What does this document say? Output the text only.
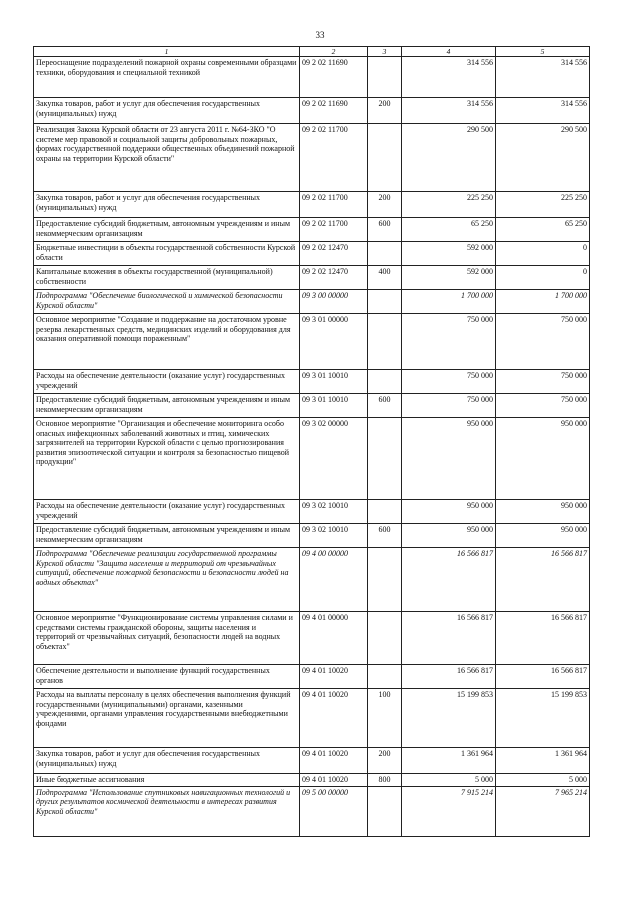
33
1	2	3	4	5
Переоснащение подразделений пожарной охраны современными образцами техники, оборудования и специальной техникой	09 2 02 11690		314 556	314 556
Закупка товаров, работ и услуг для обеспечения государственных (муниципальных) нужд	09 2 02 11690	200	314 556	314 556
Реализация Закона Курской области от 23 августа 2011 г. №64-ЗКО "О системе мер правовой и социальной защиты добровольных пожарных, формах государственной поддержки общественных объединений пожарной охраны на территории Курской области"	09 2 02 11700		290 500	290 500
Закупка товаров, работ и услуг для обеспечения государственных (муниципальных) нужд	09 2 02 11700	200	225 250	225 250
Предоставление субсидий бюджетным, автономным учреждениям и иным некоммерческим организациям	09 2 02 11700	600	65 250	65 250
Бюджетные инвестиции в объекты государственной собственности Курской области	09 2 02 12470		592 000	0
Капитальные вложения в объекты государственной (муниципальной) собственности	09 2 02 12470	400	592 000	0
Подпрограмма "Обеспечение биологической и химической безопасности Курской области"	09 3 00 00000		1 700 000	1 700 000
Основное мероприятие "Создание и поддержание на достаточном уровне резерва лекарственных средств, медицинских изделий и оборудования для оказания оперативной помощи пораженным"	09 3 01 00000		750 000	750 000
Расходы на обеспечение деятельности (оказание услуг) государственных учреждений	09 3 01 10010		750 000	750 000
Предоставление субсидий бюджетным, автономным учреждениям и иным некоммерческим организациям	09 3 01 10010	600	750 000	750 000
Основное мероприятие "Организация и обеспечение мониторинга особо опасных инфекционных заболеваний животных и птиц, химических загрязнителей на территории Курской области с целью прогнозирования развития эпизоотической ситуации и контроля за безопасностью пищевой продукции"	09 3 02 00000		950 000	950 000
Расходы на обеспечение деятельности (оказание услуг) государственных учреждений	09 3 02 10010		950 000	950 000
Предоставление субсидий бюджетным, автономным учреждениям и иным некоммерческим организациям	09 3 02 10010	600	950 000	950 000
Подпрограмма "Обеспечение реализации государственной программы Курской области "Защита населения и территорий от чрезвычайных ситуаций, обеспечение пожарной безопасности и безопасности людей на водных объектах"	09 4 00 00000		16 566 817	16 566 817
Основное мероприятие "Функционирование системы управления силами и средствами системы гражданской обороны, защиты населения и территорий от чрезвычайных ситуаций, безопасности людей на водных объектах"	09 4 01 00000		16 566 817	16 566 817
Обеспечение деятельности и выполнение функций государственных органов	09 4 01 10020		16 566 817	16 566 817
Расходы на выплаты персоналу в целях обеспечения выполнения функций государственными (муниципальными) органами, казенными учреждениями, органами управления государственными внебюджетными фондами	09 4 01 10020	100	15 199 853	15 199 853
Закупка товаров, работ и услуг для обеспечения государственных (муниципальных) нужд	09 4 01 10020	200	1 361 964	1 361 964
Иные бюджетные ассигнования	09 4 01 10020	800	5 000	5 000
Подпрограмма "Использование спутниковых навигационных технологий и других результатов космической деятельности в интересах развития Курской области"	09 5 00 00000		7 915 214	7 965 214
